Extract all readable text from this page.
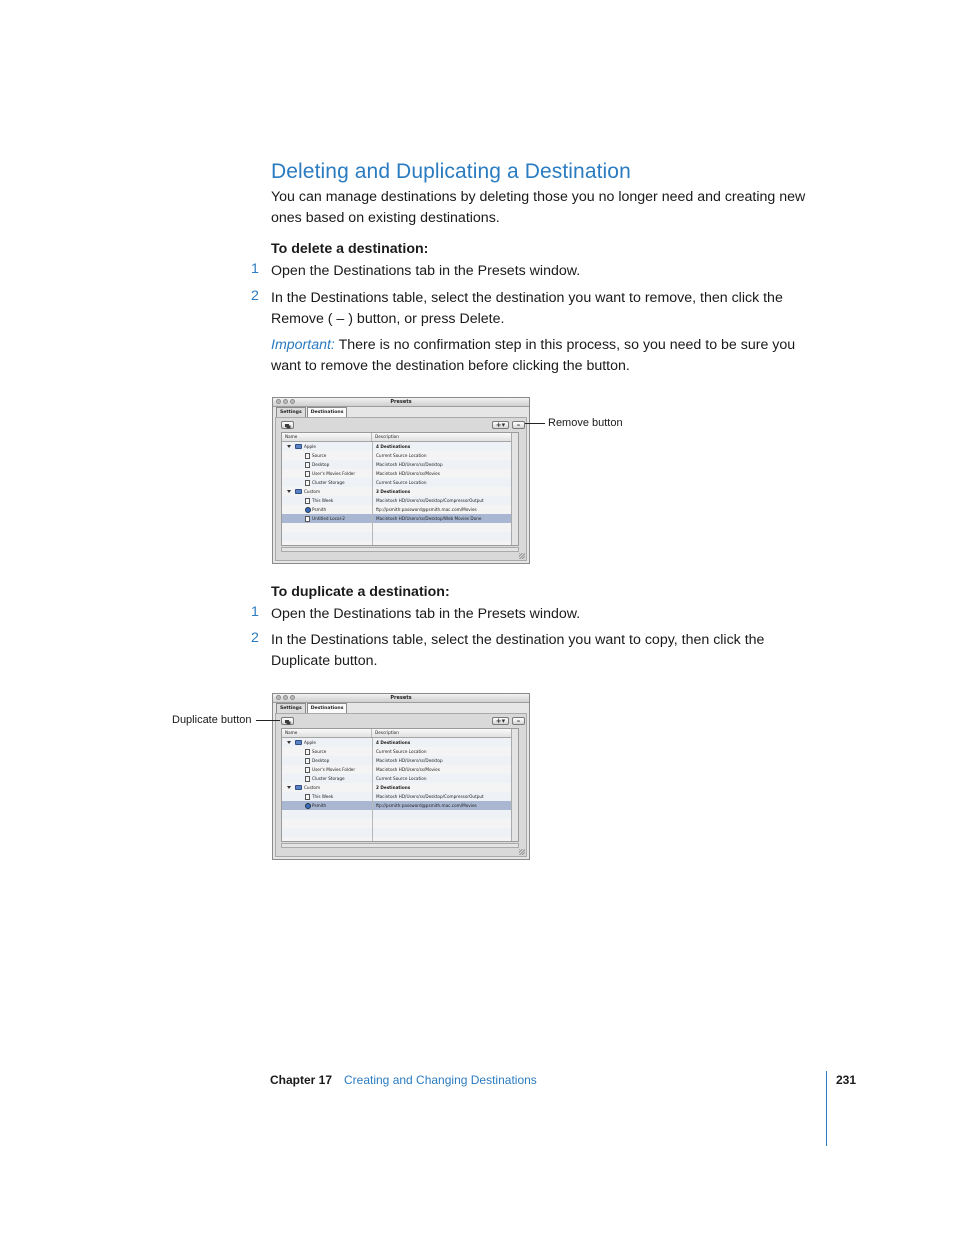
Deleting and Duplicating a Destination

You can manage destinations by deleting those you no longer need and creating new ones based on existing destinations.

To delete a destination:

1 Open the Destinations tab in the Presets window.

2 In the Destinations table, select the destination you want to remove, then click the Remove ( – ) button, or press Delete.

Important: There is no confirmation step in this process, so you need to be sure you want to remove the destination before clicking the button.

Presets
Settings	Destinations
+▾	–
Name	Description
Apple	4 Destinations
Source	Current Source Location
Desktop	Macintosh HD/Users/ss/Desktop
User's Movies Folder	Macintosh HD/Users/ss/Movies
Cluster Storage	Current Source Location
Custom	3 Destinations
This Week	Macintosh HD/Users/ss/Desktop/CompressorOutput
Psmith	ftp://psmith:password@psmith.mac.com/Movies
Untitled Local-2	Macintosh HD/Users/ss/Desktop/Web Movies Done
Remove button

To duplicate a destination:

1 Open the Destinations tab in the Presets window.

2 In the Destinations table, select the destination you want to copy, then click the Duplicate button.

Presets
Settings	Destinations
+▾	–
Name	Description
Apple	4 Destinations
Source	Current Source Location
Desktop	Macintosh HD/Users/ss/Desktop
User's Movies Folder	Macintosh HD/Users/ss/Movies
Cluster Storage	Current Source Location
Custom	2 Destinations
This Week	Macintosh HD/Users/ss/Desktop/CompressorOutput
Psmith	ftp://psmith:password@psmith.mac.com/Movies
Duplicate button
Chapter 17 Creating and Changing Destinations	231
